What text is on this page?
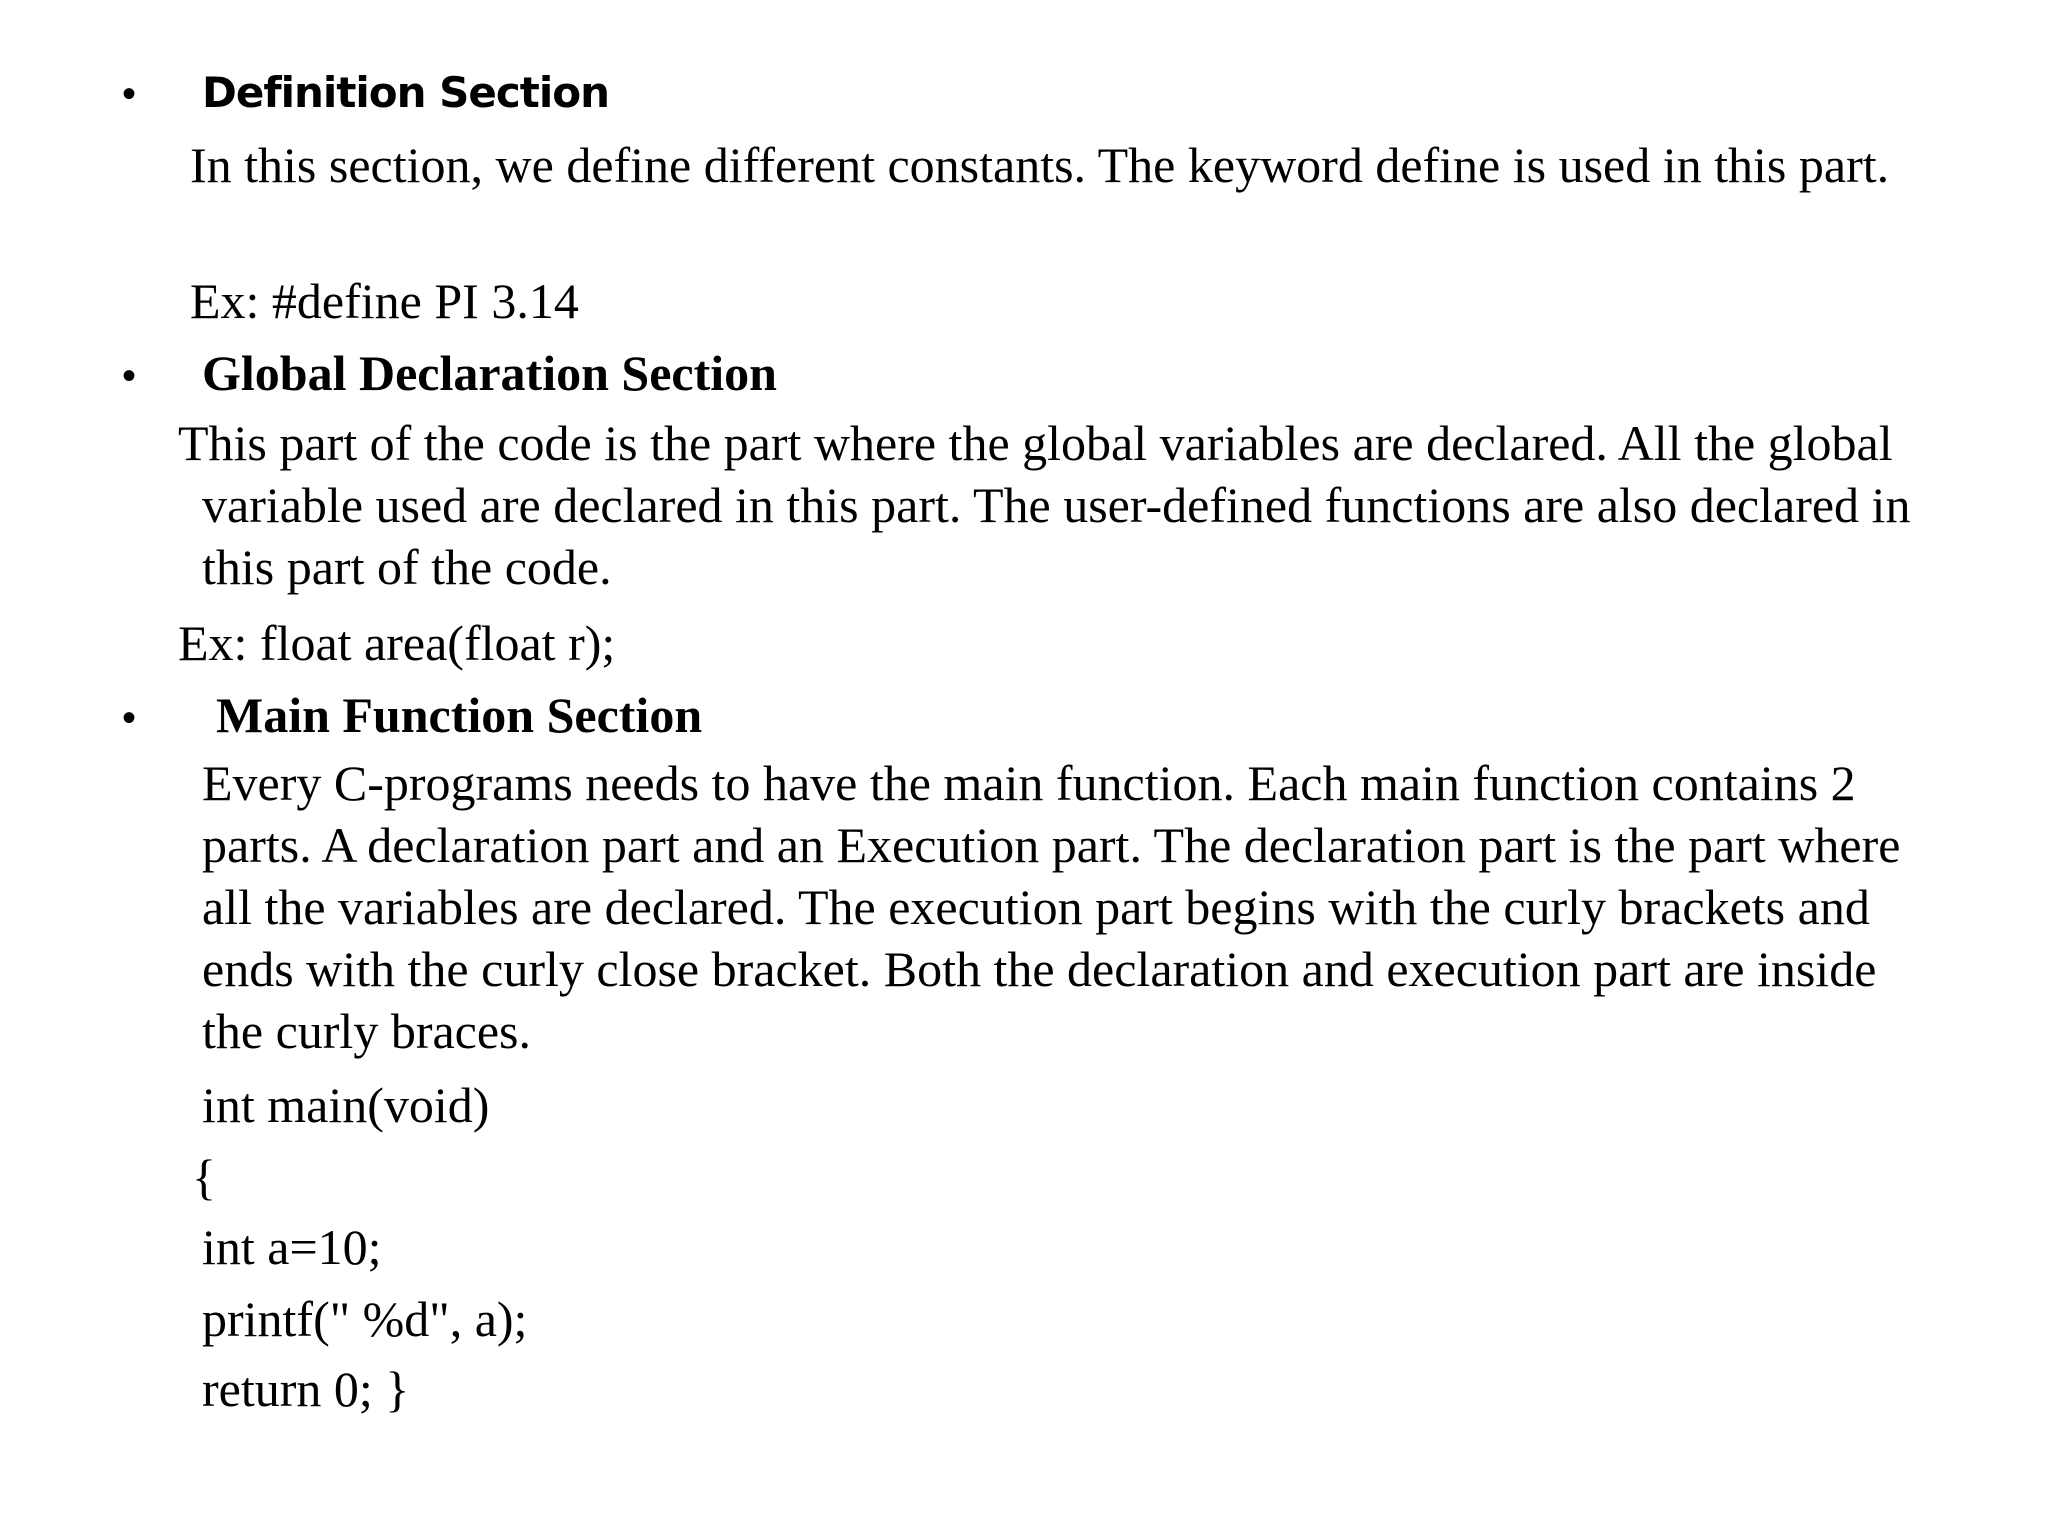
• Definition Section

In this section, we define different constants. The keyword define is used in this part.

Ex: #define PI 3.14
• Global Declaration Section

This part of the code is the part where the global variables are declared. All the global variable used are declared in this part. The user-defined functions are also declared in this part of the code.

Ex: float area(float r);
• Main Function Section

Every C-programs needs to have the main function. Each main function contains 2 parts. A declaration part and an Execution part. The declaration part is the part where all the variables are declared. The execution part begins with the curly brackets and ends with the curly close bracket. Both the declaration and execution part are inside the curly braces.

int main(void)
{
int a=10;
printf(" %d", a);
return 0; }
